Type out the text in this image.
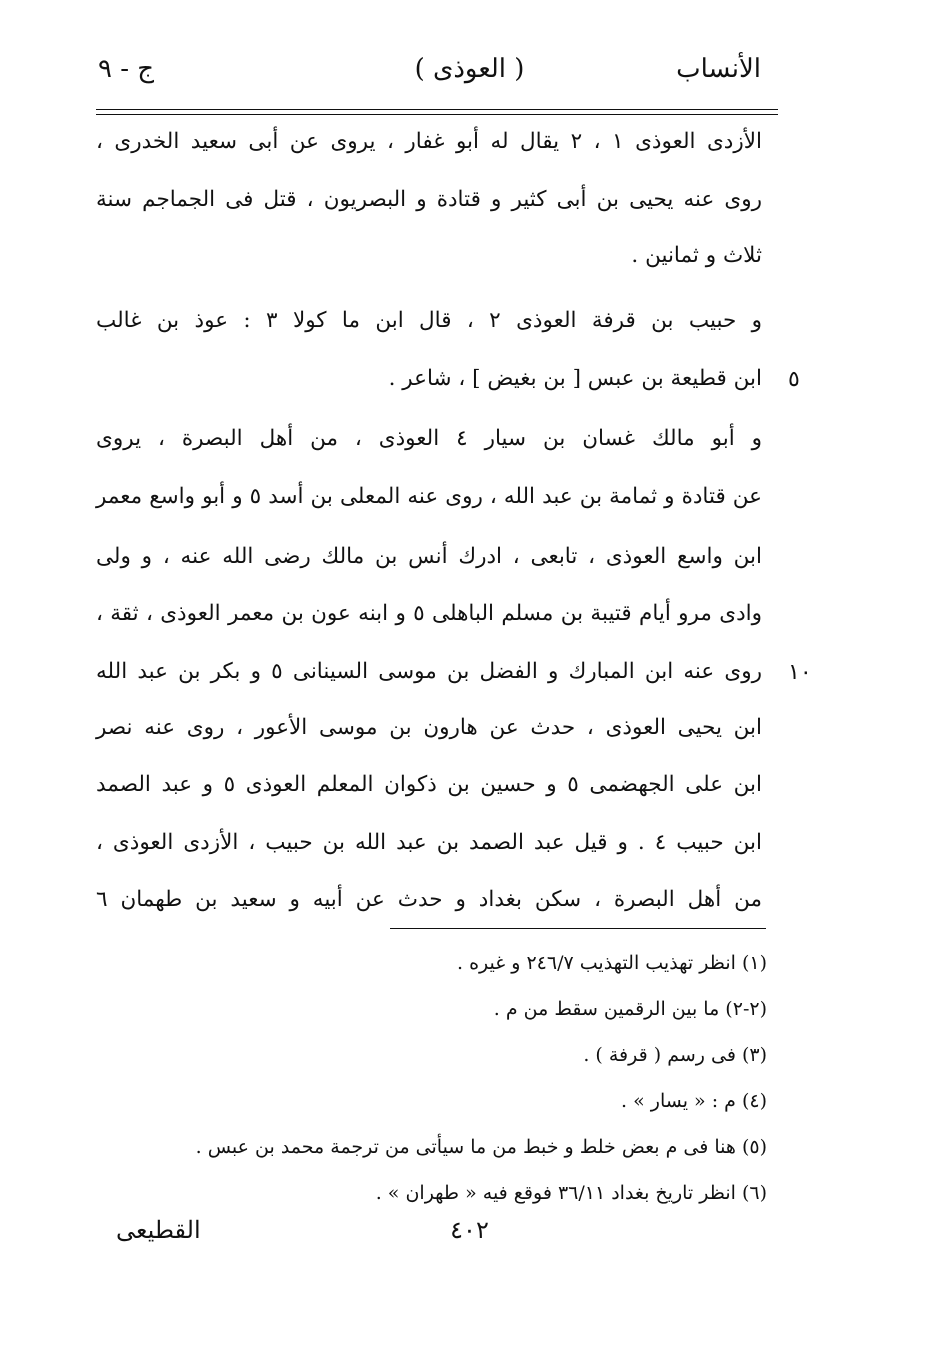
الأنساب
( العوذى )
ج - ٩
الأزدى العوذى ١ ، ٢ يقال له أبو غفار ، يروى عن أبى سعيد الخدرى ،
روى عنه يحيى بن أبى كثير و قتادة و البصريون ، قتل فى الجماجم سنة
ثلاث و ثمانين .
و حبيب بن قرفة العوذى ٢ ، قال ابن ما كولا ٣ : عوذ بن غالب
ابن قطيعة بن عبس [ بن بغيض ] ، شاعر .
و أبو مالك غسان بن سيار ٤ العوذى ، من أهل البصرة ، يروى
عن قتادة و ثمامة بن عبد الله ، روى عنه المعلى بن أسد ٥ و أبو واسع معمر
ابن واسع العوذى ، تابعى ، ادرك أنس بن مالك رضى الله عنه ، و ولى
وادى مرو أيام قتيبة بن مسلم الباهلى ٥ و ابنه عون بن معمر العوذى ، ثقة ،
روى عنه ابن المبارك و الفضل بن موسى السينانى ٥ و بكر بن عبد الله
ابن يحيى العوذى ، حدث عن هارون بن موسى الأعور ، روى عنه نصر
ابن على الجهضمى ٥ و حسين بن ذكوان المعلم العوذى ٥ و عبد الصمد
ابن حبيب ٤ . و قيل عبد الصمد بن عبد الله بن حبيب ، الأزدى العوذى ،
من أهل البصرة ، سكن بغداد و حدث عن أبيه و سعيد بن طهمان ٦
٥
١٠
(١) انظر تهذيب التهذيب ٢٤٦/٧ و غيره .
(٢-٢) ما بين الرقمين سقط من م .
(٣) فى رسم ( قرفة ) .
(٤) م : « يسار » .
(٥) هنا فى م بعض خلط و خبط من ما سيأتى من ترجمة محمد بن عبس .
(٦) انظر تاريخ بغداد ٣٦/١١ فوقع فيه « طهران » .
٤٠٢
القطيعى
